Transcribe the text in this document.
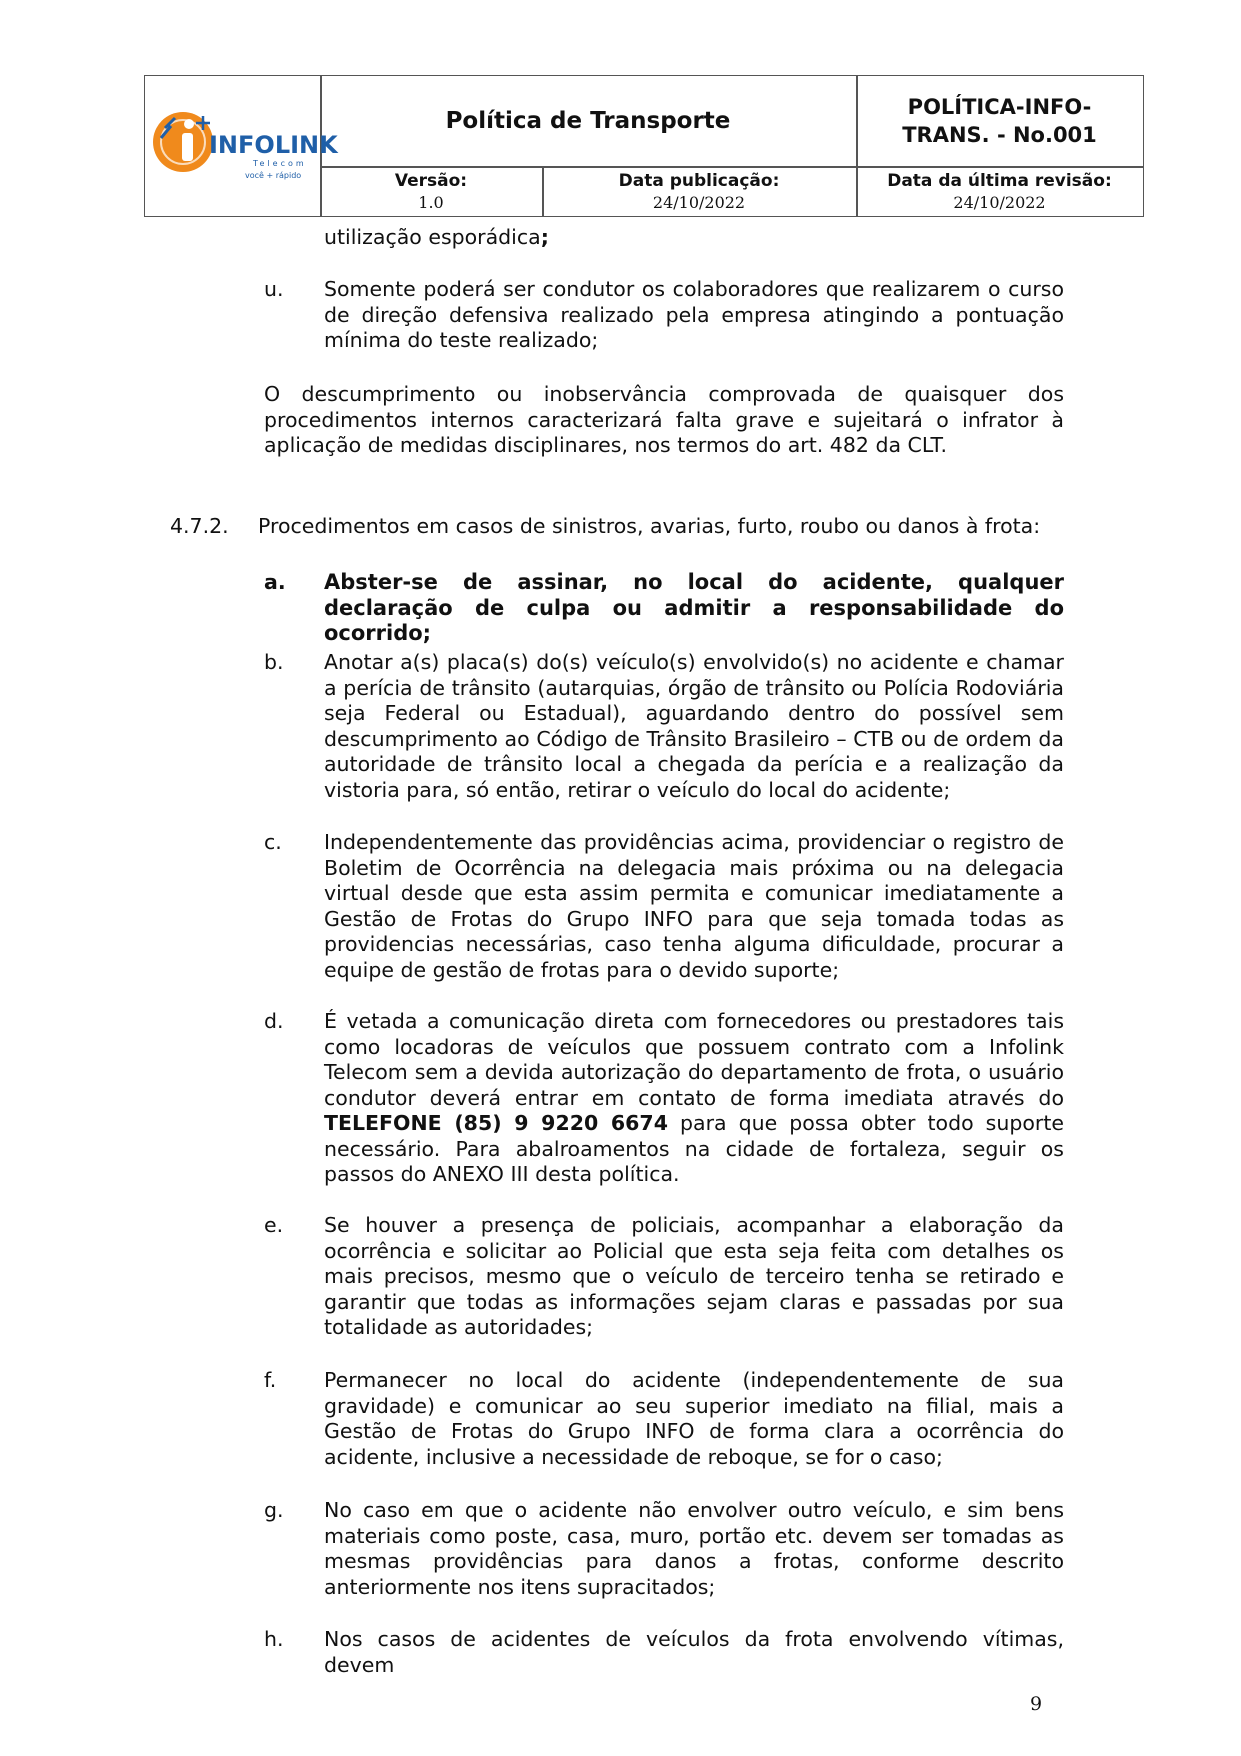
INFOLINK
Telecom
você + rápido
Política de Transporte
POLÍTICA-INFO-
TRANS. - No.001
Versão:
1.0
Data publicação:
24/10/2022
Data da última revisão:
24/10/2022
utilização esporádica;
u. Somente poderá ser condutor os colaboradores que realizarem o curso de direção defensiva realizado pela empresa atingindo a pontuação mínima do teste realizado;
O descumprimento ou inobservância comprovada de quaisquer dos procedimentos internos caracterizará falta grave e sujeitará o infrator à aplicação de medidas disciplinares, nos termos do art. 482 da CLT.
4.7.2. Procedimentos em casos de sinistros, avarias, furto, roubo ou danos à frota:
a. Abster-se de assinar, no local do acidente, qualquer declaração de culpa ou admitir a responsabilidade do ocorrido;
b. Anotar a(s) placa(s) do(s) veículo(s) envolvido(s) no acidente e chamar a perícia de trânsito (autarquias, órgão de trânsito ou Polícia Rodoviária seja Federal ou Estadual), aguardando dentro do possível sem descumprimento ao Código de Trânsito Brasileiro – CTB ou de ordem da autoridade de trânsito local a chegada da perícia e a realização da vistoria para, só então, retirar o veículo do local do acidente;
c. Independentemente das providências acima, providenciar o registro de Boletim de Ocorrência na delegacia mais próxima ou na delegacia virtual desde que esta assim permita e comunicar imediatamente a Gestão de Frotas do Grupo INFO para que seja tomada todas as providencias necessárias, caso tenha alguma dificuldade, procurar a equipe de gestão de frotas para o devido suporte;
d. É vetada a comunicação direta com fornecedores ou prestadores tais como locadoras de veículos que possuem contrato com a Infolink Telecom sem a devida autorização do departamento de frota, o usuário condutor deverá entrar em contato de forma imediata através do TELEFONE (85) 9 9220 6674 para que possa obter todo suporte necessário. Para abalroamentos na cidade de fortaleza, seguir os passos do ANEXO III desta política.
e. Se houver a presença de policiais, acompanhar a elaboração da ocorrência e solicitar ao Policial que esta seja feita com detalhes os mais precisos, mesmo que o veículo de terceiro tenha se retirado e garantir que todas as informações sejam claras e passadas por sua totalidade as autoridades;
f. Permanecer no local do acidente (independentemente de sua gravidade) e comunicar ao seu superior imediato na filial, mais a Gestão de Frotas do Grupo INFO de forma clara a ocorrência do acidente, inclusive a necessidade de reboque, se for o caso;
g. No caso em que o acidente não envolver outro veículo, e sim bens materiais como poste, casa, muro, portão etc. devem ser tomadas as mesmas providências para danos a frotas, conforme descrito anteriormente nos itens supracitados;
h. Nos casos de acidentes de veículos da frota envolvendo vítimas, devem
9
